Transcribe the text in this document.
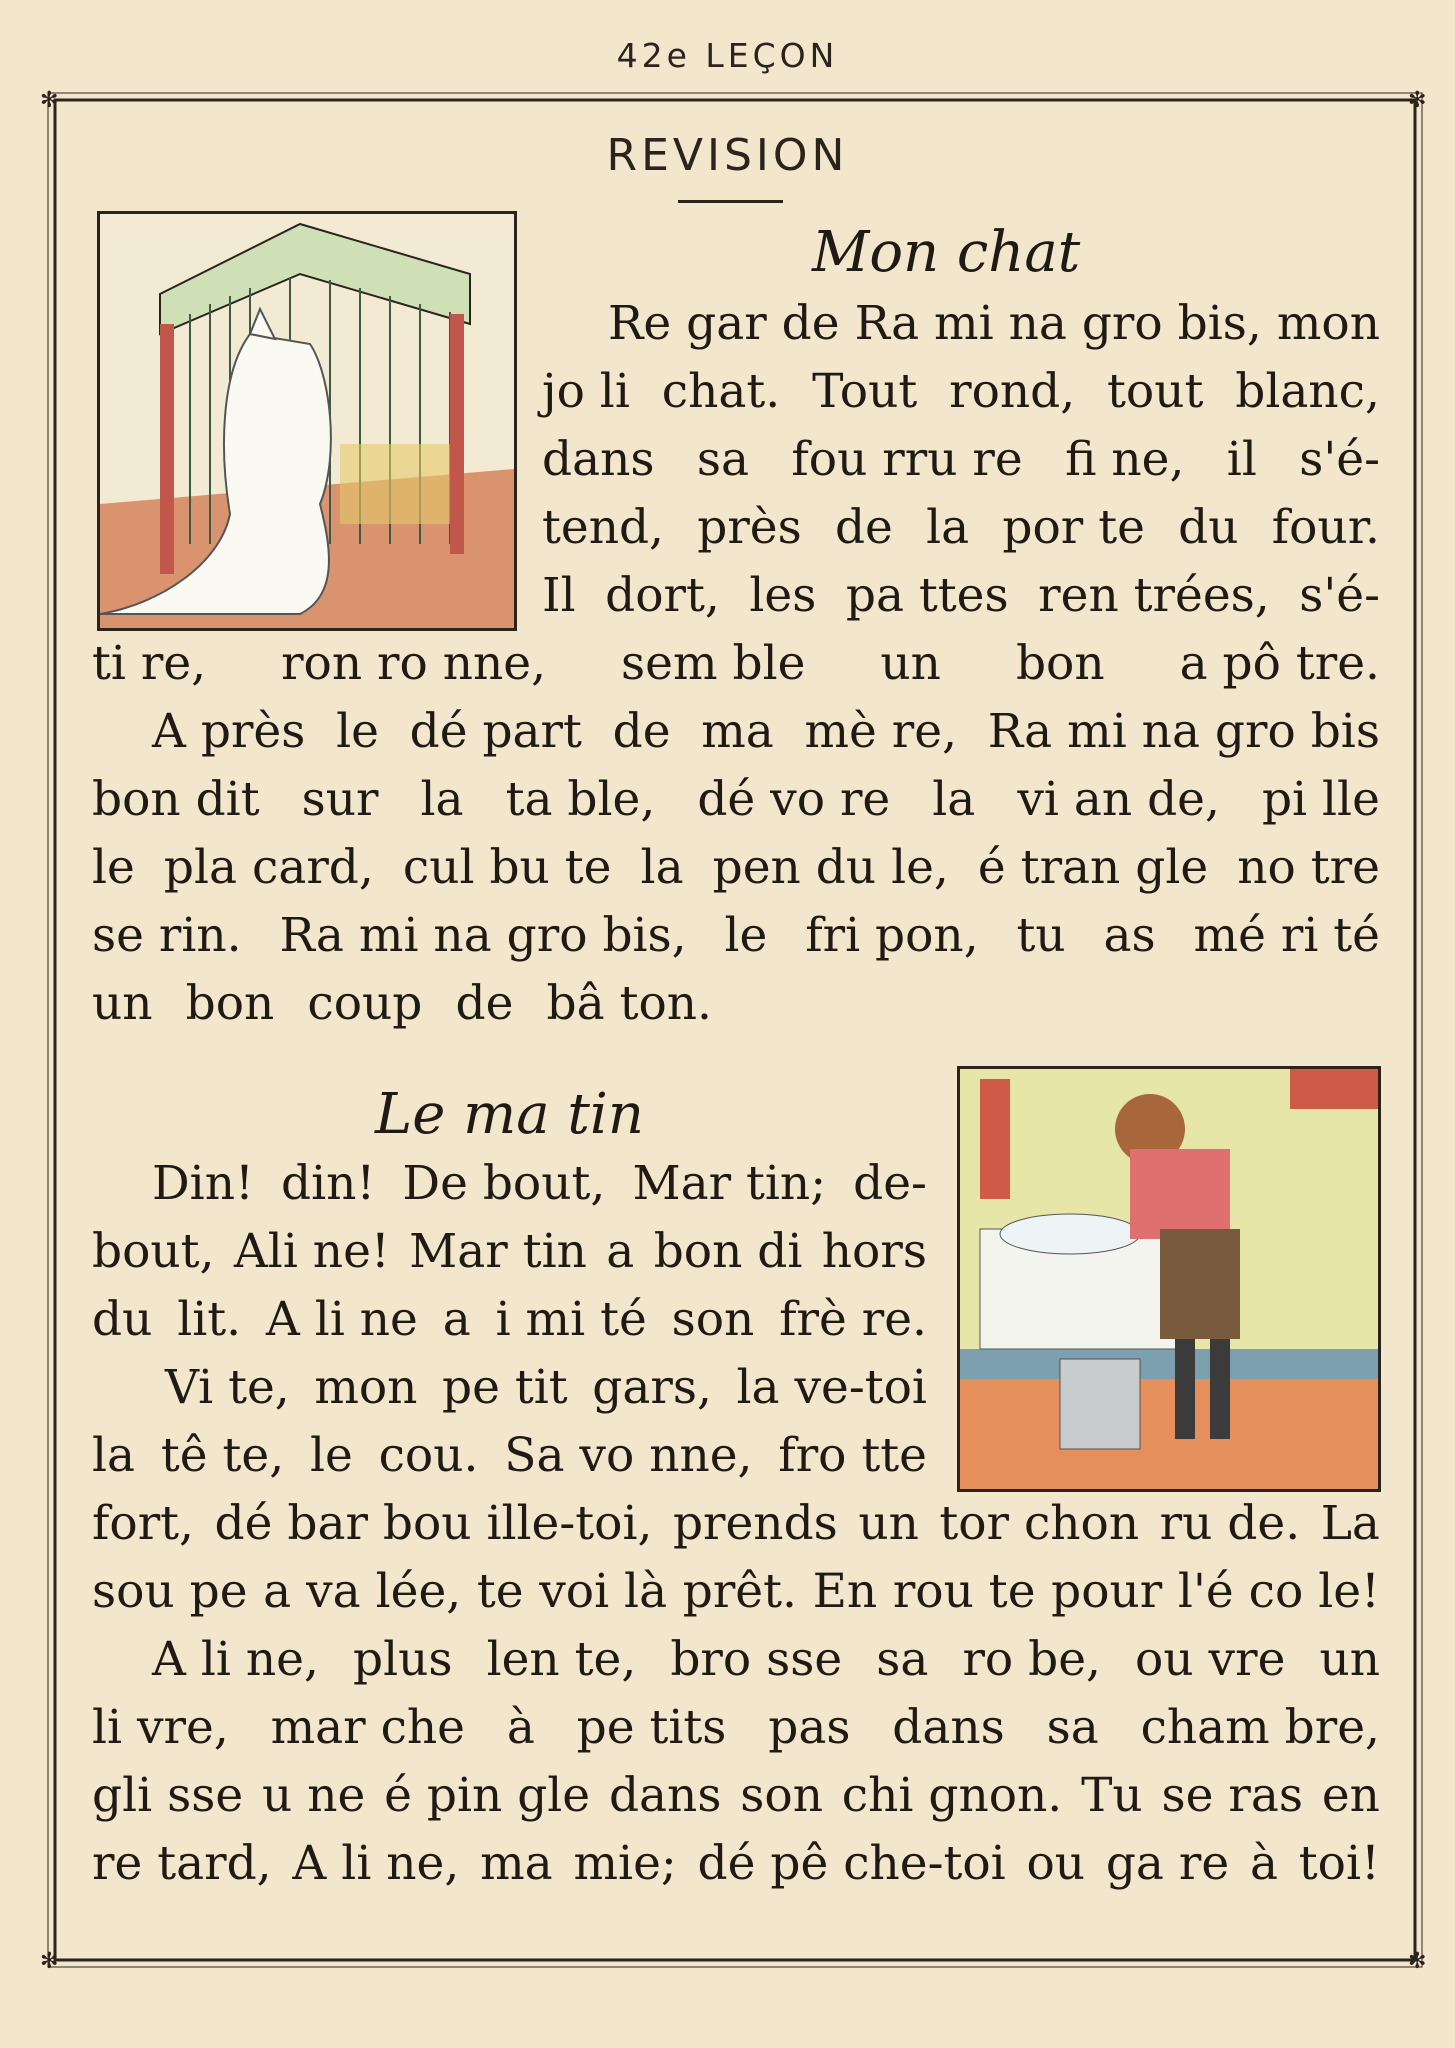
42e LEÇON
✻	✻
✻	✻
REVISION
Mon chat
Re gar de Ra mi na gro bis, mon
jo li chat. Tout rond, tout blanc,
dans sa fou rru re fi ne, il s'é-
tend, près de la por te du four.
Il dort, les pa ttes ren trées, s'é-
ti re, ron ro nne, sem ble un bon a pô tre.
A près le dé part de ma mè re, Ra mi na gro bis
bon dit sur la ta ble, dé vo re la vi an de, pi lle
le pla card, cul bu te la pen du le, é tran gle no tre
se rin. Ra mi na gro bis, le fri pon, tu as mé ri té
un bon coup de bâ ton.
Le ma tin
Din! din! De bout, Mar tin; de-
bout, Ali ne! Mar tin a bon di hors
du lit. A li ne a i mi té son frè re.
Vi te, mon pe tit gars, la ve-toi
la tê te, le cou. Sa vo nne, fro tte
fort, dé bar bou ille-toi, prends un tor chon ru de. La
sou pe a va lée, te voi là prêt. En rou te pour l'é co le!
A li ne, plus len te, bro sse sa ro be, ou vre un
li vre, mar che à pe tits pas dans sa cham bre,
gli sse u ne é pin gle dans son chi gnon. Tu se ras en
re tard, A li ne, ma mie; dé pê che-toi ou ga re à toi!
